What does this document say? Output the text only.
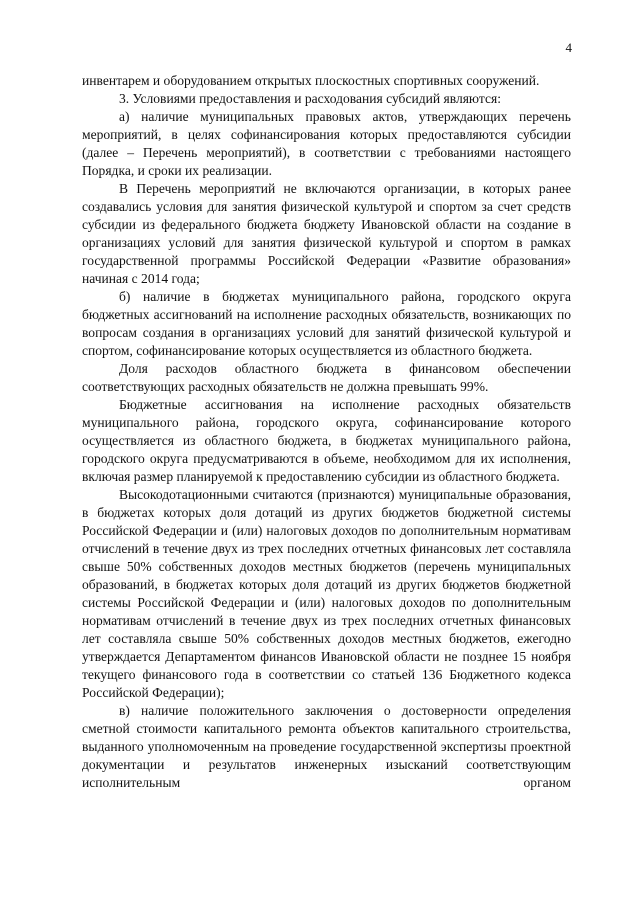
4

инвентарем и оборудованием открытых плоскостных спортивных сооружений.

3. Условиями предоставления и расходования субсидий являются:

а) наличие муниципальных правовых актов, утверждающих перечень мероприятий, в целях софинансирования которых предоставляются субсидии (далее – Перечень мероприятий), в соответствии с требованиями настоящего Порядка, и сроки их реализации.

В Перечень мероприятий не включаются организации, в которых ранее создавались условия для занятия физической культурой и спортом за счет средств субсидии из федерального бюджета бюджету Ивановской области на создание в организациях условий для занятия физической культурой и спортом в рамках государственной программы Российской Федерации «Развитие образования» начиная с 2014 года;

б) наличие в бюджетах муниципального района, городского округа бюджетных ассигнований на исполнение расходных обязательств, возникающих по вопросам создания в организациях условий для занятий физической культурой и спортом, софинансирование которых осуществляется из областного бюджета.

Доля расходов областного бюджета в финансовом обеспечении соответствующих расходных обязательств не должна превышать 99%.

Бюджетные ассигнования на исполнение расходных обязательств муниципального района, городского округа, софинансирование которого осуществляется из областного бюджета, в бюджетах муниципального района, городского округа предусматриваются в объеме, необходимом для их исполнения, включая размер планируемой к предоставлению субсидии из областного бюджета.

Высокодотационными считаются (признаются) муниципальные образования, в бюджетах которых доля дотаций из других бюджетов бюджетной системы Российской Федерации и (или) налоговых доходов по дополнительным нормативам отчислений в течение двух из трех последних отчетных финансовых лет составляла свыше 50% собственных доходов местных бюджетов (перечень муниципальных образований, в бюджетах которых доля дотаций из других бюджетов бюджетной системы Российской Федерации и (или) налоговых доходов по дополнительным нормативам отчислений в течение двух из трех последних отчетных финансовых лет составляла свыше 50% собственных доходов местных бюджетов, ежегодно утверждается Департаментом финансов Ивановской области не позднее 15 ноября текущего финансового года в соответствии со статьей 136 Бюджетного кодекса Российской Федерации);

в) наличие положительного заключения о достоверности определения сметной стоимости капитального ремонта объектов капитального строительства, выданного уполномоченным на проведение государственной экспертизы проектной документации и результатов инженерных изысканий соответствующим исполнительным органом
